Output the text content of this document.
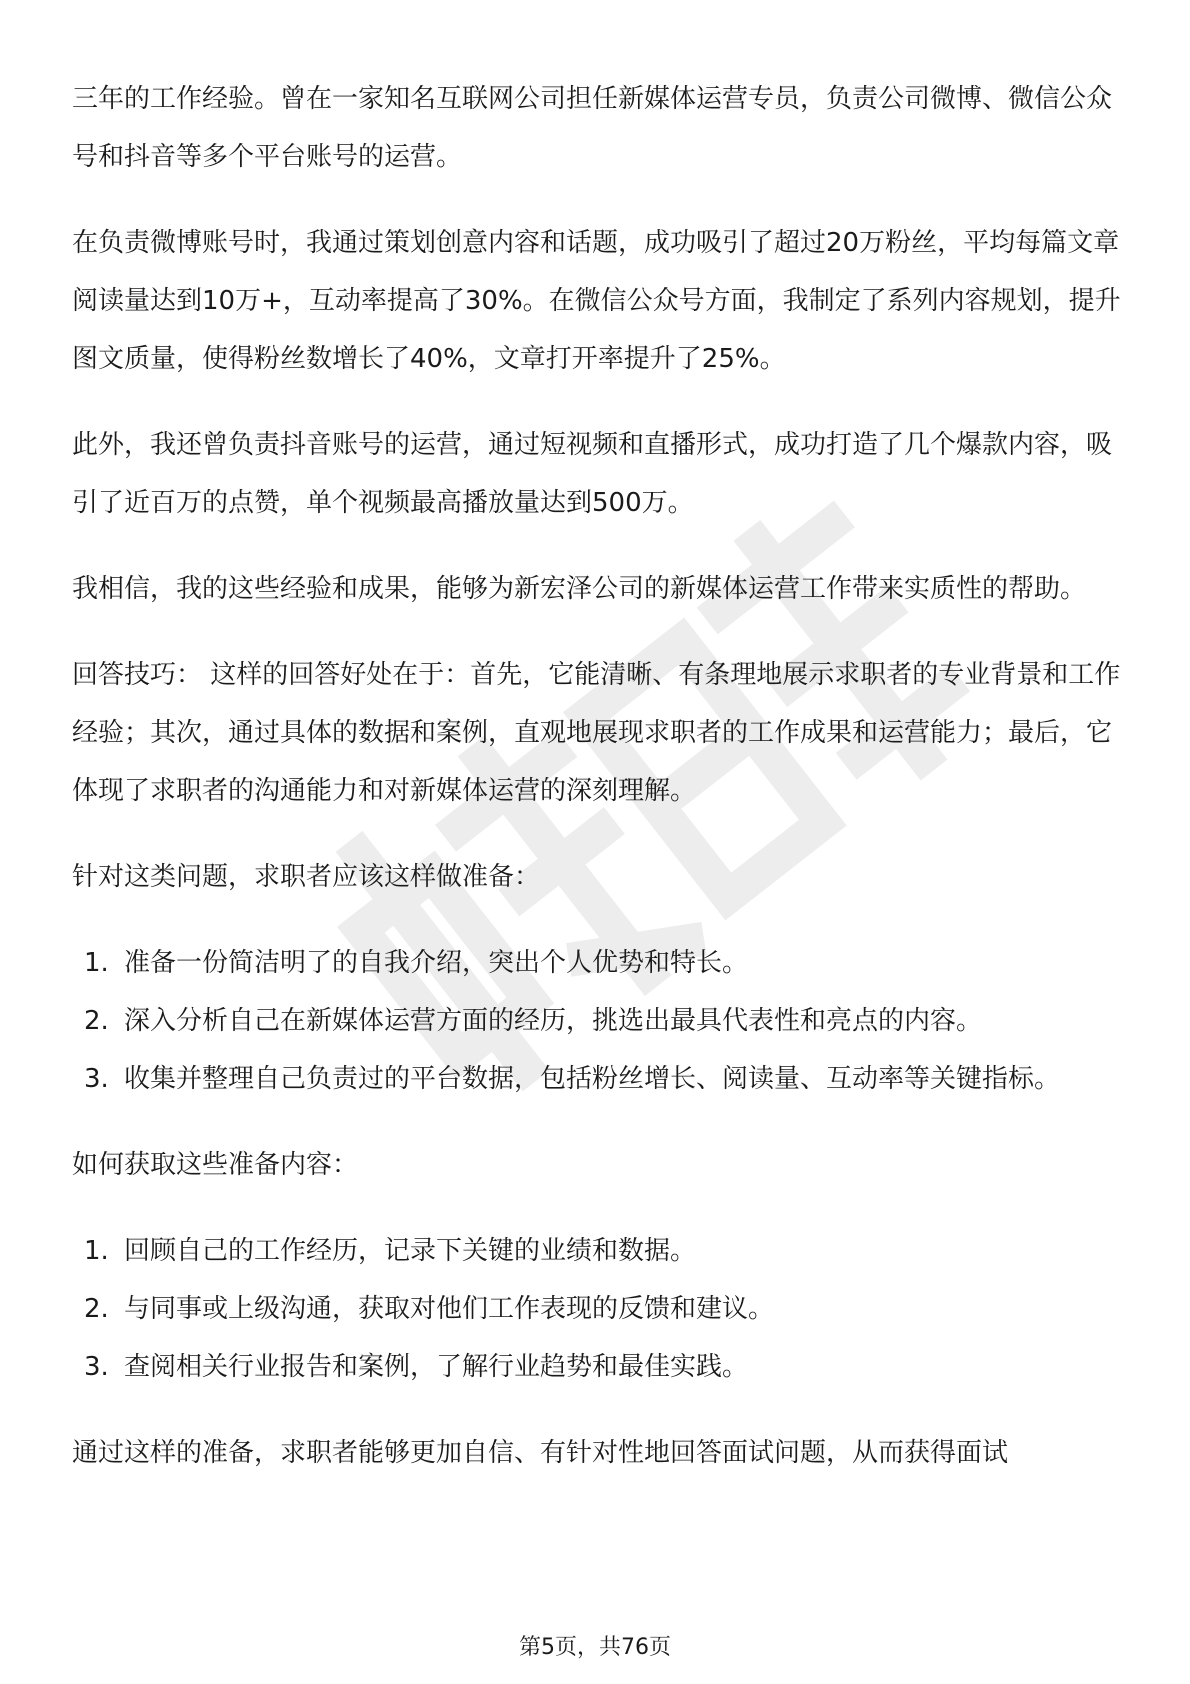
三年的工作经验。曾在一家知名互联网公司担任新媒体运营专员，负责公司微博、微信公众号和抖音等多个平台账号的运营。

在负责微博账号时，我通过策划创意内容和话题，成功吸引了超过20万粉丝，平均每篇文章阅读量达到10万+，互动率提高了30%。在微信公众号方面，我制定了系列内容规划，提升图文质量，使得粉丝数增长了40%，文章打开率提升了25%。

此外，我还曾负责抖音账号的运营，通过短视频和直播形式，成功打造了几个爆款内容，吸引了近百万的点赞，单个视频最高播放量达到500万。

我相信，我的这些经验和成果，能够为新宏泽公司的新媒体运营工作带来实质性的帮助。

回答技巧： 这样的回答好处在于：首先，它能清晰、有条理地展示求职者的专业背景和工作经验；其次，通过具体的数据和案例，直观地展现求职者的工作成果和运营能力；最后，它体现了求职者的沟通能力和对新媒体运营的深刻理解。

针对这类问题，求职者应该这样做准备：

1. 准备一份简洁明了的自我介绍，突出个人优势和特长。
2. 深入分析自己在新媒体运营方面的经历，挑选出最具代表性和亮点的内容。
3. 收集并整理自己负责过的平台数据，包括粉丝增长、阅读量、互动率等关键指标。

如何获取这些准备内容：

1. 回顾自己的工作经历，记录下关键的业绩和数据。
2. 与同事或上级沟通，获取对他们工作表现的反馈和建议。
3. 查阅相关行业报告和案例，了解行业趋势和最佳实践。

通过这样的准备，求职者能够更加自信、有针对性地回答面试问题，从而获得面试

第5页，共76页
